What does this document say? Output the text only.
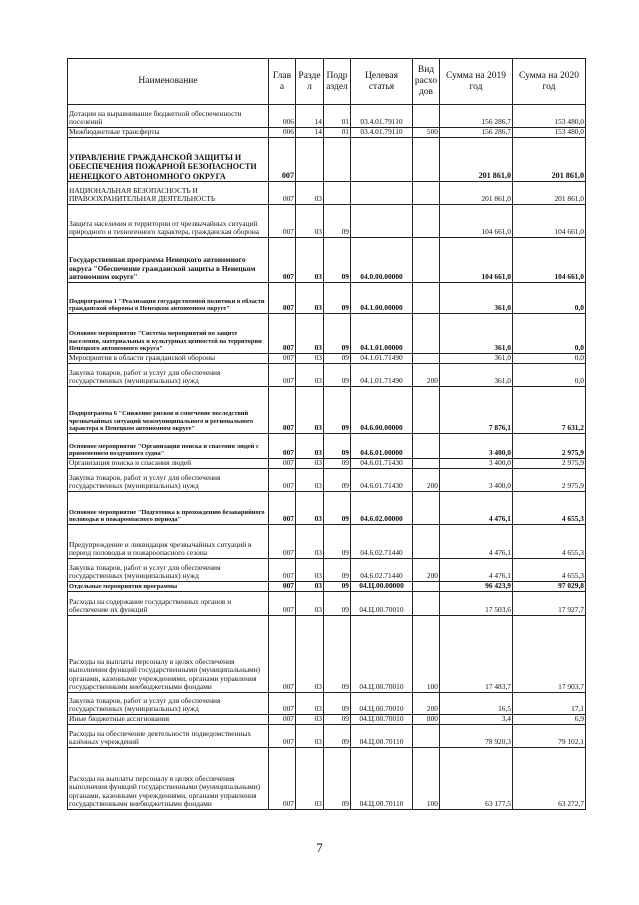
Наименование	Глав а	Разде л	Подр аздел	Целевая статья	Вид расхо дов	Сумма на 2019 год	Сумма на 2020 год
Дотации на выравнивание бюджетной обеспеченности поселений	006	14	01	03.4.01.79110		156 286,7	153 480,0
Межбюджетные трансферты	006	14	01	03.4.01.79110	500	156 286,7	153 480,0
УПРАВЛЕНИЕ ГРАЖДАНСКОЙ ЗАЩИТЫ И ОБЕСПЕЧЕНИЯ ПОЖАРНОЙ БЕЗОПАСНОСТИ НЕНЕЦКОГО АВТОНОМНОГО ОКРУГА	007					201 861,0	201 861,0
НАЦИОНАЛЬНАЯ БЕЗОПАСНОСТЬ И ПРАВООХРАНИТЕЛЬНАЯ ДЕЯТЕЛЬНОСТЬ	007	03				201 861,0	201 861,0
Защита населения и территории от чрезвычайных ситуаций природного и техногенного характера, гражданская оборона	007	03	09			104 661,0	104 661,0
Государственная программа Ненецкого автономного округа "Обеспечение гражданской защиты в Ненецком автономном округе"	007	03	09	04.0.00.00000		104 661,0	104 661,0
Подпрограмма 1 "Реализация государственной политики в области гражданской обороны в Ненецком автономном округе"	007	03	09	04.1.00.00000		361,0	0,0
Основное мероприятие "Система мероприятий по защите населения, материальных и культурных ценностей на территории Ненецкого автономного округа"	007	03	09	04.1.01.00000		361,0	0,0
Мероприятия в области гражданской обороны	007	03	09	04.1.01.71490		361,0	0,0
Закупка товаров, работ и услуг для обеспечения государственных (муниципальных) нужд	007	03	09	04.1.01.71490	200	361,0	0,0
Подпрограмма 6 "Снижение рисков и смягчение последствий чрезвычайных ситуаций межмуниципального и регионального характера в Ненецком автономном округе"	007	03	09	04.6.00.00000		7 876,1	7 631,2
Основное мероприятие "Организация поиска и спасения людей с применением воздушного судна"	007	03	09	04.6.01.00000		3 400,0	2 975,9
Организация поиска и спасания людей	007	03	09	04.6.01.71430		3 400,0	2 975,9
Закупка товаров, работ и услуг для обеспечения государственных (муниципальных) нужд	007	03	09	04.6.01.71430	200	3 400,0	2 975,9
Основное мероприятие "Подготовка к прохождению безаварийного половодья и пожароопасного периода"	007	03	09	04.6.02.00000		4 476,1	4 655,3
Предупреждение и ликвидация чрезвычайных ситуаций в период половодья и пожароопасного сезона	007	03	09	04.6.02.71440		4 476,1	4 655,3
Закупка товаров, работ и услуг для обеспечения государственных (муниципальных) нужд	007	03	09	04.6.02.71440	200	4 476,1	4 655,3
Отдельные мероприятия программы	007	03	09	04.Ц.00.00000		96 423,9	97 029,8
Расходы на содержание государственных органов и обеспечение их функций	007	03	09	04.Ц.00.70010		17 503,6	17 927,7
Расходы на выплаты персоналу в целях обеспечения выполнения функций государственными (муниципальными) органами, казенными учреждениями, органами управления государственными внебюджетными фондами	007	03	09	04.Ц.00.70010	100	17 483,7	17 903,7
Закупка товаров, работ и услуг для обеспечения государственных (муниципальных) нужд	007	03	09	04.Ц.00.70010	200	16,5	17,1
Иные бюджетные ассигнования	007	03	09	04.Ц.00.70010	800	3,4	6,9
Расходы на обеспечение деятельности подведомственных казённых учреждений	007	03	09	04.Ц.00.70110		78 920,3	79 102,1
Расходы на выплаты персоналу в целях обеспечения выполнения функций государственными (муниципальными) органами, казенными учреждениями, органами управления государственными внебюджетными фондами	007	03	09	04.Ц.00.70110	100	63 177,5	63 272,7
7
